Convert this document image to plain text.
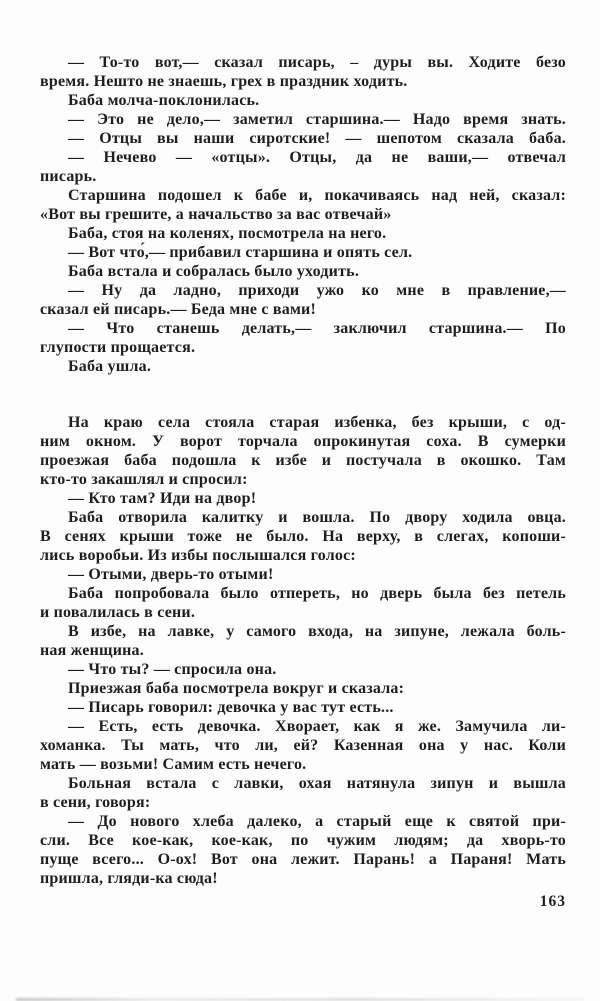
— То-то вот,— сказал писарь, – дуры вы. Ходите безо
время. Нешто не знаешь, грех в праздник ходить.
Баба молча-поклонилась.
— Это не дело,— заметил старшина.— Надо время знать.
— Отцы вы наши сиротские! — шепотом сказала баба.
— Нечево — «отцы». Отцы, да не ваши,— отвечал
писарь.
Старшина подошел к бабе и, покачиваясь над ней, сказал:
«Вот вы грешите, а начальство за вас отвечай»
Баба, стоя на коленях, посмотрела на него.
— Вот что́,— прибавил старшина и опять сел.
Баба встала и собралась было уходить.
— Ну да ладно, приходи ужо ко мне в правление,—
сказал ей писарь.— Беда мне с вами!
— Что станешь делать,— заключил старшина.— По
глупости прощается.
Баба ушла.
На краю села стояла старая избенка, без крыши, с од-
ним окном. У ворот торчала опрокинутая соха. В сумерки
проезжая баба подошла к избе и постучала в окошко. Там
кто-то закашлял и спросил:
— Кто там? Иди на двор!
Баба отворила калитку и вошла. По двору ходила овца.
В сенях крыши тоже не было. На верху, в слегах, копоши-
лись воробьи. Из избы послышался голос:
— Отыми, дверь-то отыми!
Баба попробовала было отпереть, но дверь была без петель
и повалилась в сени.
В избе, на лавке, у самого входа, на зипуне, лежала боль-
ная женщина.
— Что ты? — спросила она.
Приезжая баба посмотрела вокруг и сказала:
— Писарь говорил: девочка у вас тут есть...
— Есть, есть девочка. Хворает, как я же. Замучила ли-
хоманка. Ты мать, что ли, ей? Казенная она у нас. Коли
мать — возьми! Самим есть нечего.
Больная встала с лавки, охая натянула зипун и вышла
в сени, говоря:
— До нового хлеба далеко, а старый еще к святой при-
сли. Все кое-как, кое-как, по чужим людям; да хворь-то
пуще всего... О-ох! Вот она лежит. Парань! а Параня! Мать
пришла, гляди-ка сюда!
163
